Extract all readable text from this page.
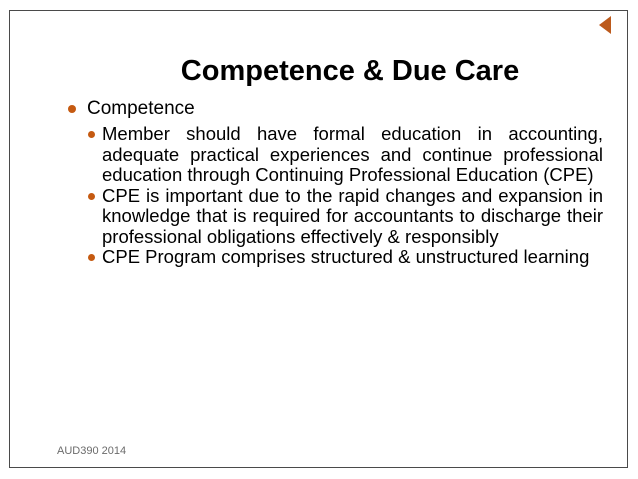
Competence & Due Care
Competence
Member should have formal education in accounting, adequate practical experiences and continue professional education through Continuing Professional Education (CPE)
CPE is important due to the rapid changes and expansion in knowledge that is required for accountants to discharge their professional obligations effectively & responsibly
CPE Program comprises structured & unstructured learning
AUD390 2014
